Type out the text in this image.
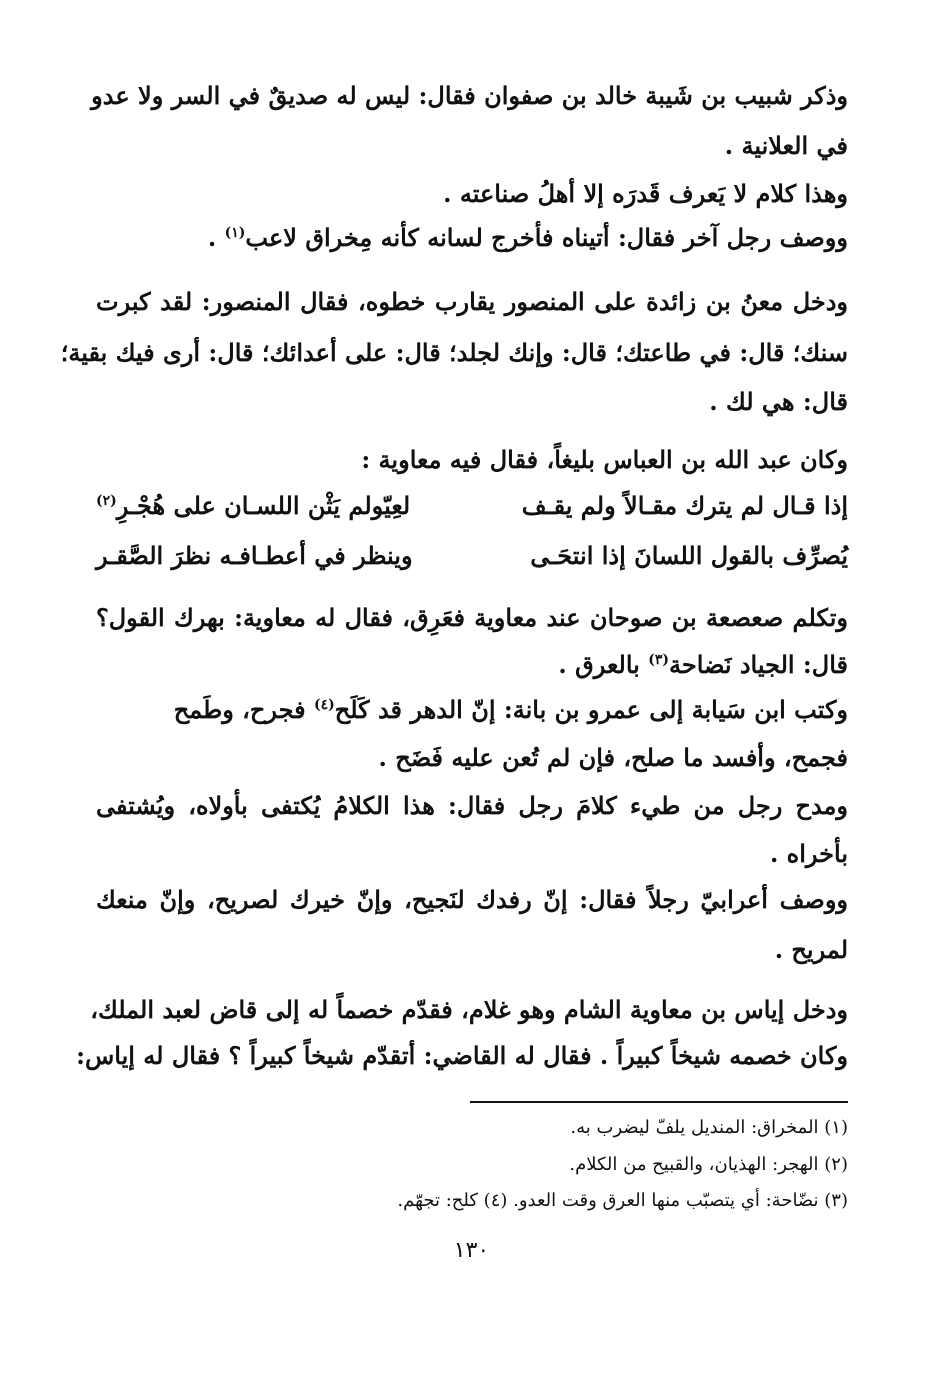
وذكر شبيب بن شَيبة خالد بن صفوان فقال: ليس له صديقٌ في السر ولا عدو
في العلانية .
وهذا كلام لا يَعرف قَدرَه إلا أهلُ صناعته .
ووصف رجل آخر فقال: أتيناه فأخرج لسانه كأنه مِخراق لاعب$^{(١)}$ .
ودخل معنُ بن زائدة على المنصور يقارب خطوه، فقال المنصور: لقد كبرت
سنك؛ قال: في طاعتك؛ قال: وإنك لجلد؛ قال: على أعدائك؛ قال: أرى فيك بقية؛
قال: هي لك .
وكان عبد الله بن العباس بليغاً، فقال فيه معاوية :
إذا قـال لم يترك مقـالاً ولم يقـف
لعِيّولم يَثْن اللسـان على هُجْـرِ$^{(٢)}$
يُصرِّف بالقول اللسانَ إذا انتحَـى
وينظر في أعطـافـه نظرَ الصَّقـر
وتكلم صعصعة بن صوحان عند معاوية فعَرِق، فقال له معاوية: بهرك القول؟
قال: الجياد نَضاحة$^{(٣)}$ بالعرق .
وكتب ابن سَيابة إلى عمرو بن بانة: إنّ الدهر قد كَلَح$^{(٤)}$ فجرح، وطَمح
فجمح، وأفسد ما صلح، فإن لم تُعن عليه فَضَح .
ومدح رجل من طيء كلامَ رجل فقال: هذا الكلامُ يُكتفى بأولاه، ويُشتفى
بأخراه .
ووصف أعرابيّ رجلاً فقال: إنّ رفدك لنَجيح، وإنّ خيرك لصريح، وإنّ منعك
لمريح .
ودخل إياس بن معاوية الشام وهو غلام، فقدّم خصماً له إلى قاض لعبد الملك،
وكان خصمه شيخاً كبيراً . فقال له القاضي: أتقدّم شيخاً كبيراً ؟ فقال له إياس:
(١) المخراق: المنديل يلفّ ليضرب به.
(٢) الهجر: الهذيان، والقبيح من الكلام.
(٣) نضّاحة: أي يتصبّب منها العرق وقت العدو. (٤) كلح: تجهّم.
١٣٠
